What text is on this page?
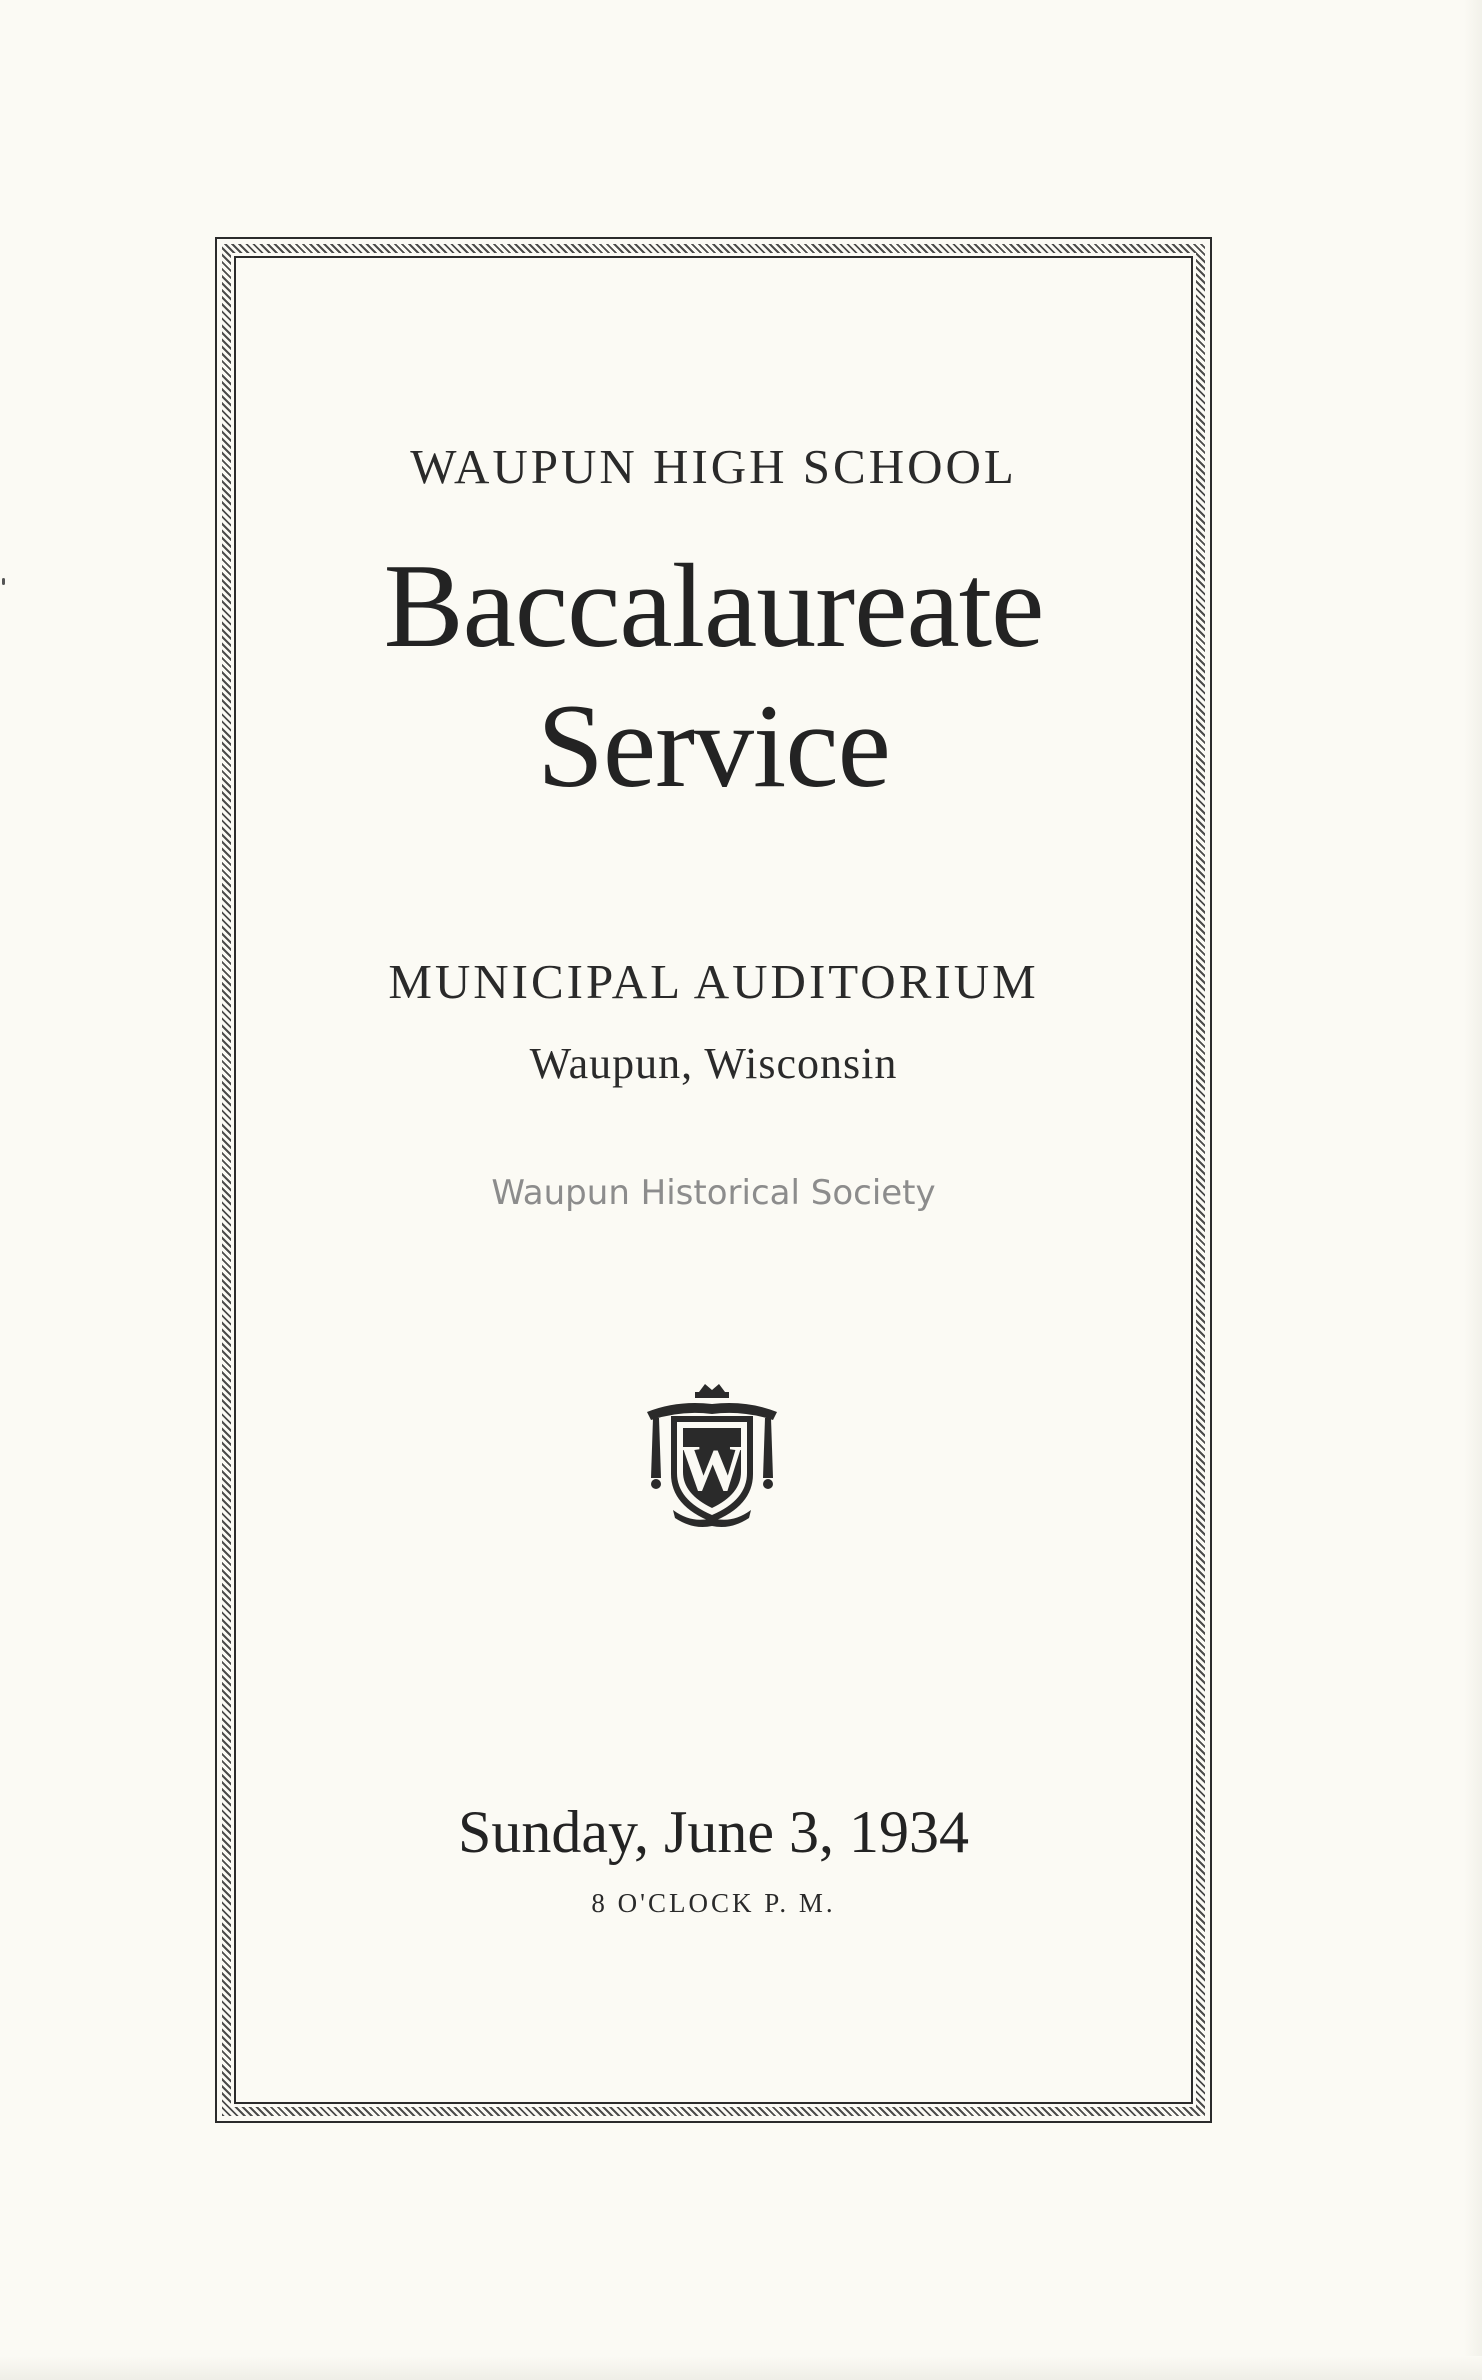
WAUPUN HIGH SCHOOL
Baccalaureate
Service
MUNICIPAL AUDITORIUM
Waupun, Wisconsin
Waupun Historical Society
W
Sunday, June 3, 1934
8 O'CLOCK P. M.
